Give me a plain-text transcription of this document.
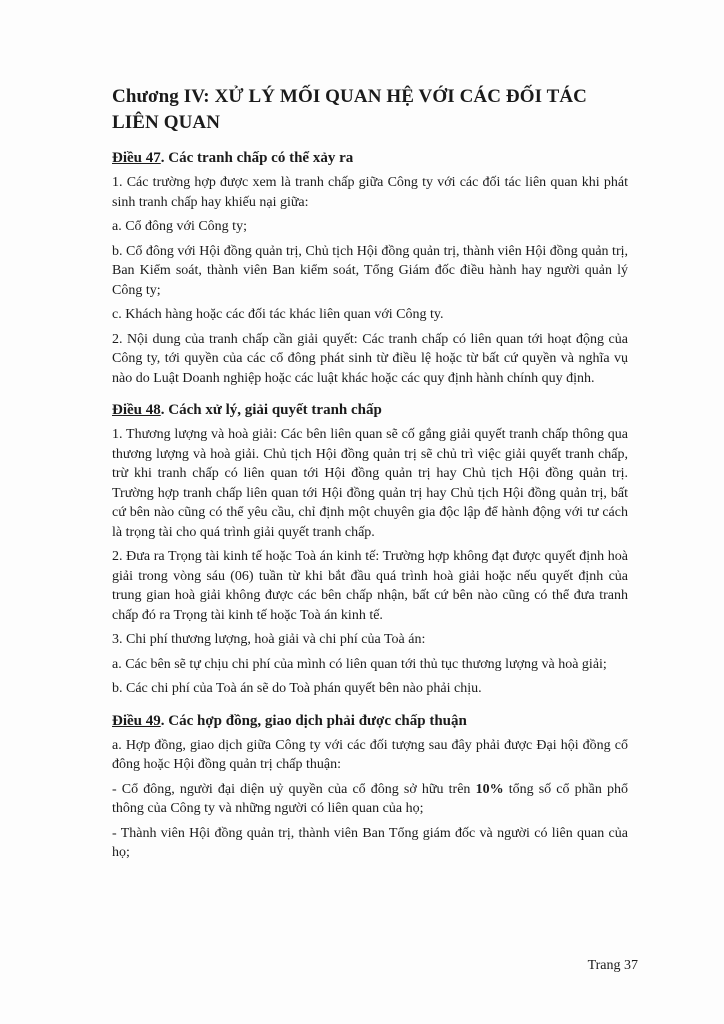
Chương IV: XỬ LÝ MỐI QUAN HỆ VỚI CÁC ĐỐI TÁC LIÊN QUAN
Điều 47. Các tranh chấp có thể xảy ra

1. Các trường hợp được xem là tranh chấp giữa Công ty với các đối tác liên quan khi phát sinh tranh chấp hay khiếu nại giữa:

a. Cổ đông với Công ty;

b. Cổ đông với Hội đồng quản trị, Chủ tịch Hội đồng quản trị, thành viên Hội đồng quản trị, Ban Kiểm soát, thành viên Ban kiểm soát, Tổng Giám đốc điều hành hay người quản lý Công ty;

c. Khách hàng hoặc các đối tác khác liên quan với Công ty.

2. Nội dung của tranh chấp cần giải quyết: Các tranh chấp có liên quan tới hoạt động của Công ty, tới quyền của các cổ đông phát sinh từ điều lệ hoặc từ bất cứ quyền và nghĩa vụ nào do Luật Doanh nghiệp hoặc các luật khác hoặc các quy định hành chính quy định.

Điều 48. Cách xử lý, giải quyết tranh chấp

1. Thương lượng và hoà giải: Các bên liên quan sẽ cố gắng giải quyết tranh chấp thông qua thương lượng và hoà giải. Chủ tịch Hội đồng quản trị sẽ chủ trì việc giải quyết tranh chấp, trừ khi tranh chấp có liên quan tới Hội đồng quản trị hay Chủ tịch Hội đồng quản trị. Trường hợp tranh chấp liên quan tới Hội đồng quản trị hay Chủ tịch Hội đồng quản trị, bất cứ bên nào cũng có thể yêu cầu, chỉ định một chuyên gia độc lập để hành động với tư cách là trọng tài cho quá trình giải quyết tranh chấp.

2. Đưa ra Trọng tài kinh tế hoặc Toà án kinh tế: Trường hợp không đạt được quyết định hoà giải trong vòng sáu (06) tuần từ khi bắt đầu quá trình hoà giải hoặc nếu quyết định của trung gian hoà giải không được các bên chấp nhận, bất cứ bên nào cũng có thể đưa tranh chấp đó ra Trọng tài kinh tế hoặc Toà án kinh tế.

3. Chi phí thương lượng, hoà giải và chi phí của Toà án:

a. Các bên sẽ tự chịu chi phí của mình có liên quan tới thủ tục thương lượng và hoà giải;

b. Các chi phí của Toà án sẽ do Toà phán quyết bên nào phải chịu.

Điều 49. Các hợp đồng, giao dịch phải được chấp thuận

a. Hợp đồng, giao dịch giữa Công ty với các đối tượng sau đây phải được Đại hội đồng cổ đông hoặc Hội đồng quản trị chấp thuận:

- Cổ đông, người đại diện uỷ quyền của cổ đông sở hữu trên 10% tổng số cổ phần phổ thông của Công ty và những người có liên quan của họ;

- Thành viên Hội đồng quản trị, thành viên Ban Tổng giám đốc và người có liên quan của họ;

Trang 37
